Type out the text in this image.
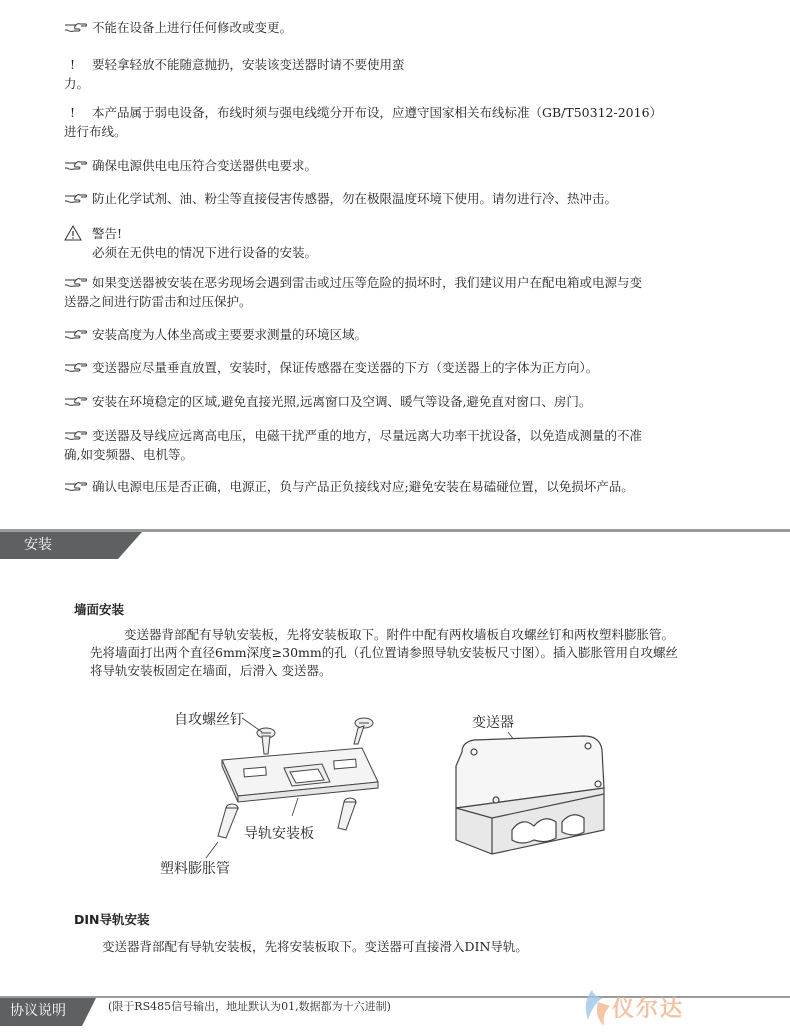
不能在设备上进行任何修改或变更。
! 要轻拿轻放不能随意抛扔，安装该变送器时请不要使用蛮
力。
! 本产品属于弱电设备，布线时须与强电线缆分开布设，应遵守国家相关布线标准（GB/T50312-2016）
进行布线。
确保电源供电电压符合变送器供电要求。
防止化学试剂、油、粉尘等直接侵害传感器，勿在极限温度环境下使用。请勿进行冷、热冲击。
警告!
必须在无供电的情况下进行设备的安装。
如果变送器被安装在恶劣现场会遇到雷击或过压等危险的损坏时，我们建议用户在配电箱或电源与变
送器之间进行防雷击和过压保护。
安装高度为人体坐高或主要要求测量的环境区域。
变送器应尽量垂直放置，安装时，保证传感器在变送器的下方（变送器上的字体为正方向）。
安装在环境稳定的区域,避免直接光照,远离窗口及空调、暖气等设备,避免直对窗口、房门。
变送器及导线应远离高电压，电磁干扰严重的地方，尽量远离大功率干扰设备，以免造成测量的不准
确,如变频器、电机等。
确认电源电压是否正确，电源正，负与产品正负接线对应;避免安装在易磕碰位置，以免损坏产品。
安装
墙面安装
变送器背部配有导轨安装板，先将安装板取下。附件中配有两枚墙板自攻螺丝钉和两枚塑料膨胀管。
先将墙面打出两个直径6mm深度≥30mm的孔（孔位置请参照导轨安装板尺寸图）。插入膨胀管用自攻螺丝
将导轨安装板固定在墙面，后滑入 变送器。
自攻螺丝钉	变送器
导轨安装板
塑料膨胀管
DIN导轨安装
变送器背部配有导轨安装板，先将安装板取下。变送器可直接滑入DIN导轨。
协议说明	(限于RS485信号输出，地址默认为01,数据都为十六进制)	仪尔达
